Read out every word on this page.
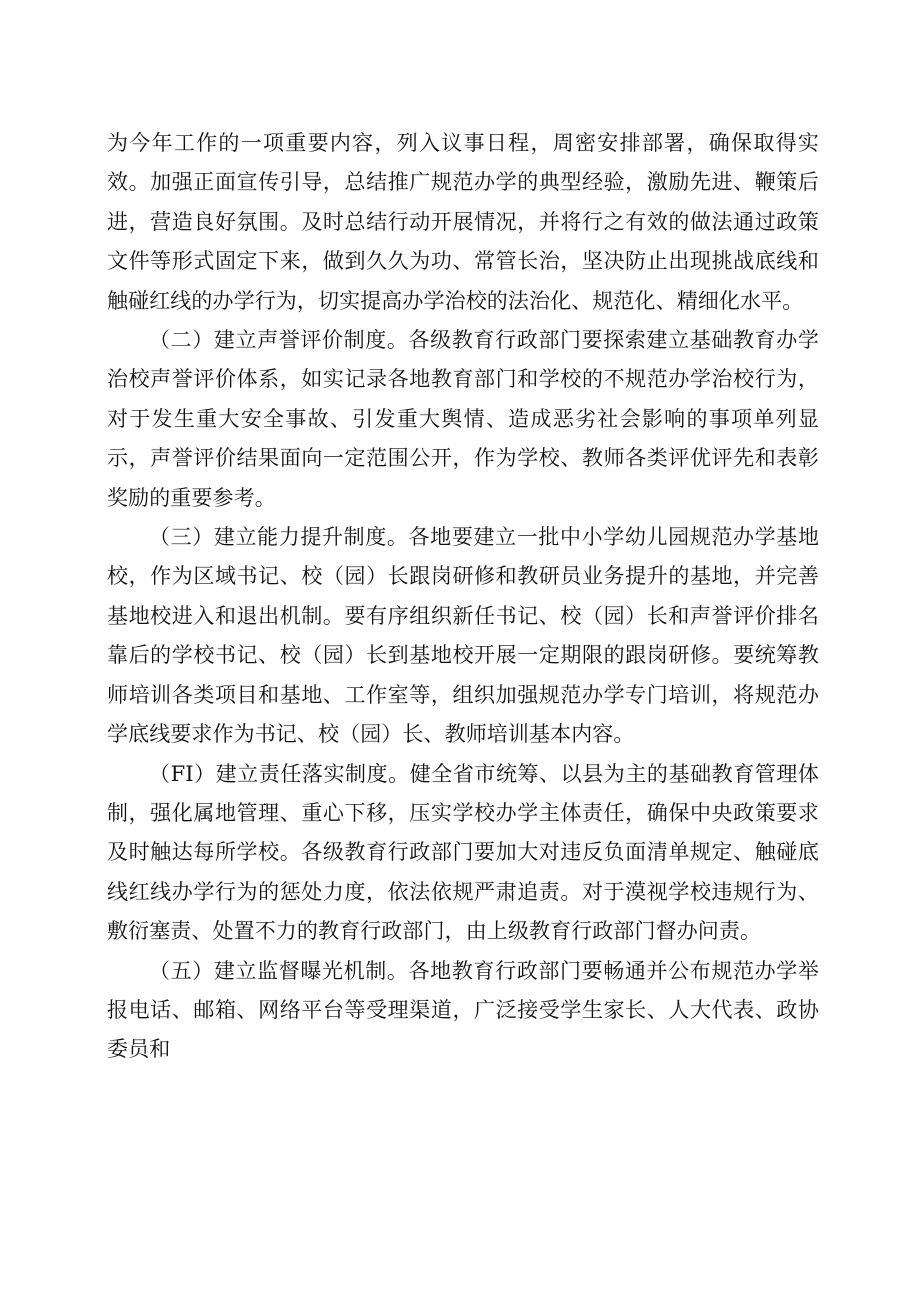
为今年工作的一项重要内容，列入议事日程，周密安排部署，确保取得实效。加强正面宣传引导，总结推广规范办学的典型经验，激励先进、鞭策后进，营造良好氛围。及时总结行动开展情况，并将行之有效的做法通过政策文件等形式固定下来，做到久久为功、常管长治，坚决防止出现挑战底线和触碰红线的办学行为，切实提高办学治校的法治化、规范化、精细化水平。

（二）建立声誉评价制度。各级教育行政部门要探索建立基础教育办学治校声誉评价体系，如实记录各地教育部门和学校的不规范办学治校行为，对于发生重大安全事故、引发重大舆情、造成恶劣社会影响的事项单列显示，声誉评价结果面向一定范围公开，作为学校、教师各类评优评先和表彰奖励的重要参考。

（三）建立能力提升制度。各地要建立一批中小学幼儿园规范办学基地校，作为区域书记、校（园）长跟岗研修和教研员业务提升的基地，并完善基地校进入和退出机制。要有序组织新任书记、校（园）长和声誉评价排名靠后的学校书记、校（园）长到基地校开展一定期限的跟岗研修。要统筹教师培训各类项目和基地、工作室等，组织加强规范办学专门培训，将规范办学底线要求作为书记、校（园）长、教师培训基本内容。

（FI）建立责任落实制度。健全省市统筹、以县为主的基础教育管理体制，强化属地管理、重心下移，压实学校办学主体责任，确保中央政策要求及时触达每所学校。各级教育行政部门要加大对违反负面清单规定、触碰底线红线办学行为的惩处力度，依法依规严肃追责。对于漠视学校违规行为、敷衍塞责、处置不力的教育行政部门，由上级教育行政部门督办问责。

（五）建立监督曝光机制。各地教育行政部门要畅通并公布规范办学举报电话、邮箱、网络平台等受理渠道，广泛接受学生家长、人大代表、政协委员和
